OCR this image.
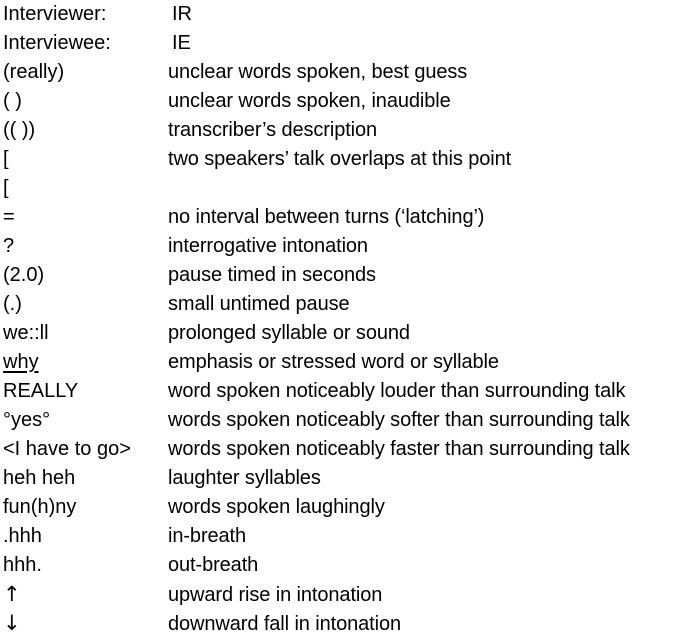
Interviewer:	IR
Interviewee:	IE
(really)	unclear words spoken, best guess
( )	unclear words spoken, inaudible
(( ))	transcriber’s description
[	two speakers’ talk overlaps at this point
[
=	no interval between turns (‘latching’)
?	interrogative intonation
(2.0)	pause timed in seconds
(.)	small untimed pause
we::ll	prolonged syllable or sound
why	emphasis or stressed word or syllable
REALLY	word spoken noticeably louder than surrounding talk
°yes°	words spoken noticeably softer than surrounding talk
<I have to go>	words spoken noticeably faster than surrounding talk
heh heh	laughter syllables
fun(h)ny	words spoken laughingly
.hhh	in-breath
hhh.	out-breath
↑	upward rise in intonation
↓	downward fall in intonation
